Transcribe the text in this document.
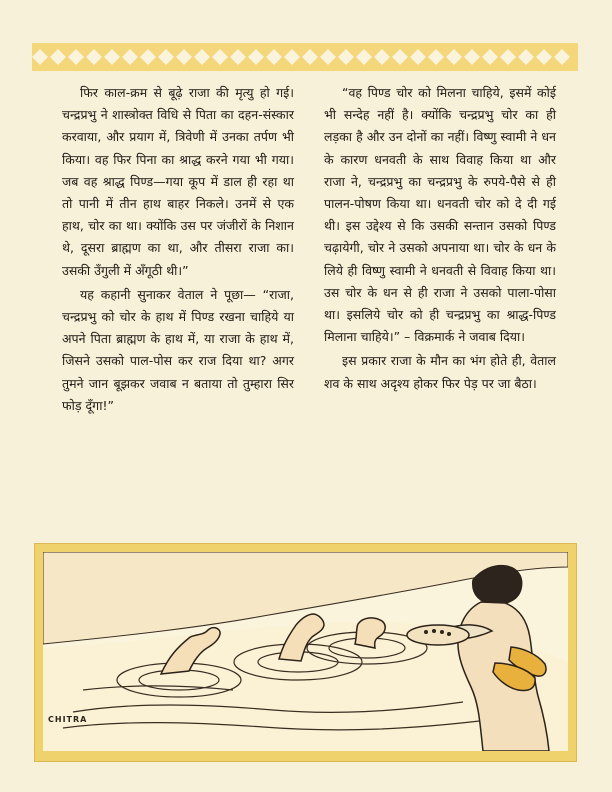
फिर काल-क्रम से बूढ़े राजा की मृत्यु हो गई। चन्द्रप्रभु ने शास्त्रोक्त विधि से पिता का दहन-संस्कार करवाया, और प्रयाग में, त्रिवेणी में उनका तर्पण भी किया। वह फिर पिना का श्राद्ध करने गया भी गया। जब वह श्राद्ध पिण्ड—गया कूप में डाल ही रहा था तो पानी में तीन हाथ बाहर निकले। उनमें से एक हाथ, चोर का था। क्योंकि उस पर जंजीरों के निशान थे, दूसरा ब्राह्मण का था, और तीसरा राजा का। उसकी उँगुली में अँगूठी थी।”

यह कहानी सुनाकर वेताल ने पूछा— “राजा, चन्द्रप्रभु को चोर के हाथ में पिण्ड रखना चाहिये या अपने पिता ब्राह्मण के हाथ में, या राजा के हाथ में, जिसने उसको पाल-पोस कर राज दिया था? अगर तुमने जान बूझकर जवाब न बताया तो तुम्हारा सिर फोड़ दूँगा!”

“वह पिण्ड चोर को मिलना चाहिये, इसमें कोई भी सन्देह नहीं है। क्योंकि चन्द्रप्रभु चोर का ही लड़का है और उन दोनों का नहीं। विष्णु स्वामी ने धन के कारण धनवती के साथ विवाह किया था और राजा ने, चन्द्रप्रभु का चन्द्रप्रभु के रुपये-पैसे से ही पालन-पोषण किया था। धनवती चोर को दे दी गई थी। इस उद्देश्य से कि उसकी सन्तान उसको पिण्ड चढ़ायेगी, चोर ने उसको अपनाया था। चोर के धन के लिये ही विष्णु स्वामी ने धनवती से विवाह किया था। उस चोर के धन से ही राजा ने उसको पाला-पोसा था। इसलिये चोर को ही चन्द्रप्रभु का श्राद्ध-पिण्ड मिलाना चाहिये।” – विक्रमार्क ने जवाब दिया।

इस प्रकार राजा के मौन का भंग होते ही, वेताल शव के साथ अदृश्य होकर फिर पेड़ पर जा बैठा।

CHITRA
